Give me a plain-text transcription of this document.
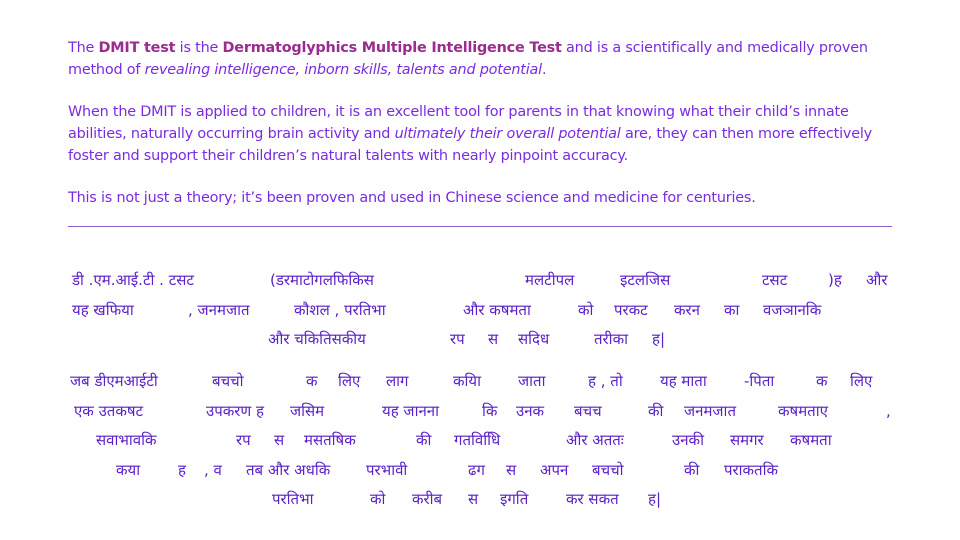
The DMIT test is the Dermatoglyphics Multiple Intelligence Test and is a scientifically and medically proven method of revealing intelligence, inborn skills, talents and potential.
When the DMIT is applied to children, it is an excellent tool for parents in that knowing what their child’s innate abilities, naturally occurring brain activity and ultimately their overall potential are, they can then more effectively foster and support their children’s natural talents with nearly pinpoint accuracy.
This is not just a theory; it’s been proven and used in Chinese science and medicine for centuries.
डी .एम.आई.टी . टसट	(डरमाटोगलफिकिस	मलटीपल	इटलजिस	टसट	)ह और
यह खफिया	, जनमजात	कौशल , परतिभा	और कषमता	को परकट करन का वजञानकि
और चकितिसकीय	रप स सदिध	तरीका ह|
जब डीएमआईटी	बचचो	क लिए लाग	कयिा जाता	ह , तो यह माता -पिता	क लिए
एक उतकषट	उपकरण ह जसिम	यह जानना	कि उनक बचच	की जनमजात	कषमताए	,
सवाभावकि	रप स मसतषिक	की गतविधिि	और अततः	उनकी समगर कषमता
कया	ह , व तब और अधकि परभावी	ढग स अपन बचचो	की पराकतकि
परतिभा	को करीब स इगति	कर सकत ह|
